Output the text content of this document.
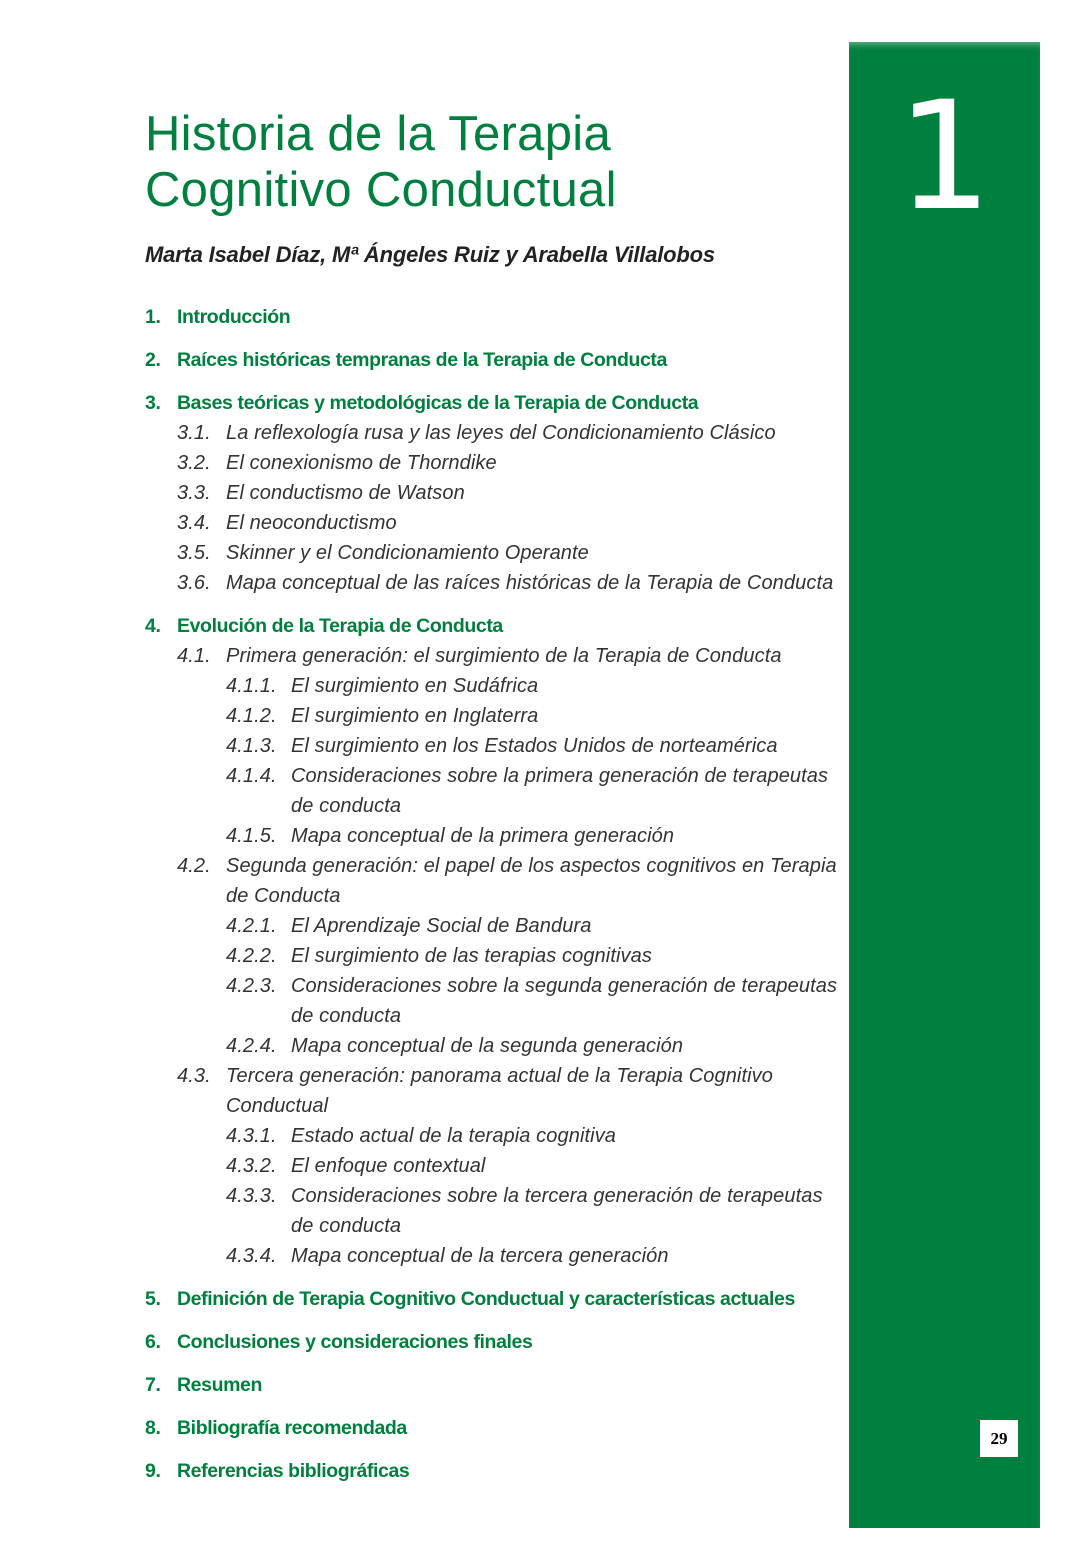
1
29
Historia de la Terapia
Cognitivo Conductual
Marta Isabel Díaz, Mª Ángeles Ruiz y Arabella Villalobos
1. Introducción
2. Raíces históricas tempranas de la Terapia de Conducta
3. Bases teóricas y metodológicas de la Terapia de Conducta
3.1. La reflexología rusa y las leyes del Condicionamiento Clásico
3.2. El conexionismo de Thorndike
3.3. El conductismo de Watson
3.4. El neoconductismo
3.5. Skinner y el Condicionamiento Operante
3.6. Mapa conceptual de las raíces históricas de la Terapia de Conducta
4. Evolución de la Terapia de Conducta
4.1. Primera generación: el surgimiento de la Terapia de Conducta
4.1.1. El surgimiento en Sudáfrica
4.1.2. El surgimiento en Inglaterra
4.1.3. El surgimiento en los Estados Unidos de norteamérica
4.1.4. Consideraciones sobre la primera generación de terapeutas de conducta
4.1.5. Mapa conceptual de la primera generación
4.2. Segunda generación: el papel de los aspectos cognitivos en Terapia de Conducta
4.2.1. El Aprendizaje Social de Bandura
4.2.2. El surgimiento de las terapias cognitivas
4.2.3. Consideraciones sobre la segunda generación de terapeutas de conducta
4.2.4. Mapa conceptual de la segunda generación
4.3. Tercera generación: panorama actual de la Terapia Cognitivo Conductual
4.3.1. Estado actual de la terapia cognitiva
4.3.2. El enfoque contextual
4.3.3. Consideraciones sobre la tercera generación de terapeutas de conducta
4.3.4. Mapa conceptual de la tercera generación
5. Definición de Terapia Cognitivo Conductual y características actuales
6. Conclusiones y consideraciones finales
7. Resumen
8. Bibliografía recomendada
9. Referencias bibliográficas
